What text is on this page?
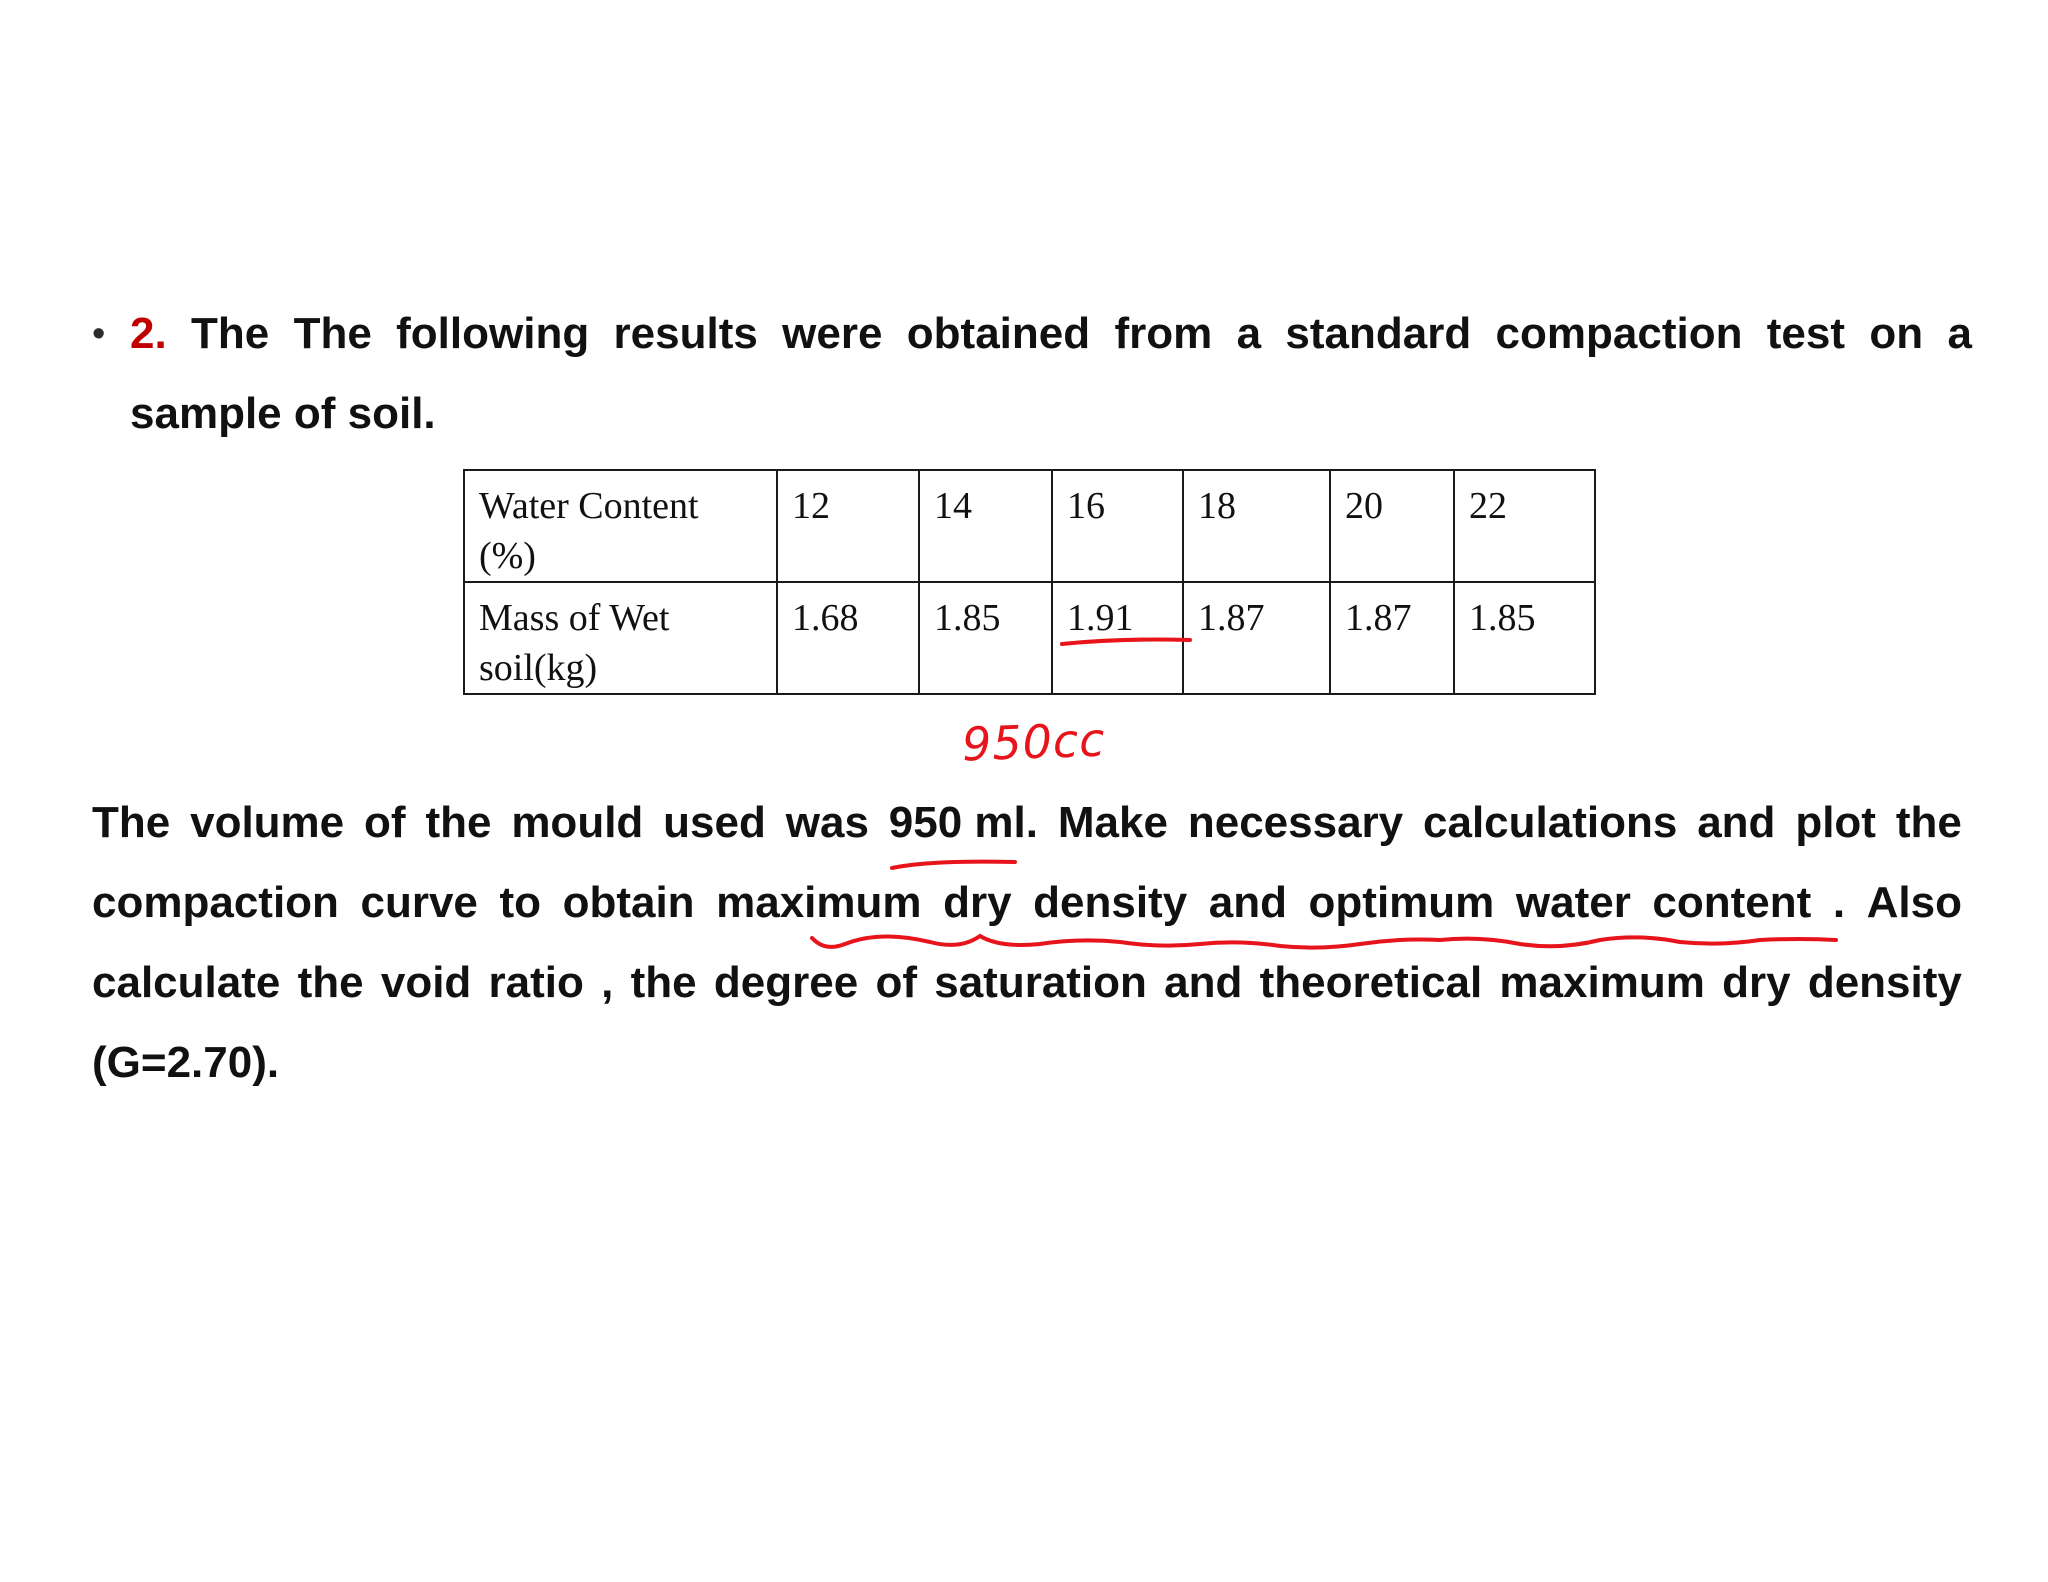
• 2. The The following results were obtained from a standard compaction test on a
sample of soil.
Water Content
(%)	12	14	16	18	20	22
Mass of Wet
soil(kg)	1.68	1.85	1.91	1.87	1.87	1.85
950cc
The volume of the mould used was 950 ml. Make necessary calculations and plot the
compaction curve to obtain maximum dry density and optimum water content . Also
calculate the void ratio , the degree of saturation and theoretical maximum dry density
(G=2.70).
